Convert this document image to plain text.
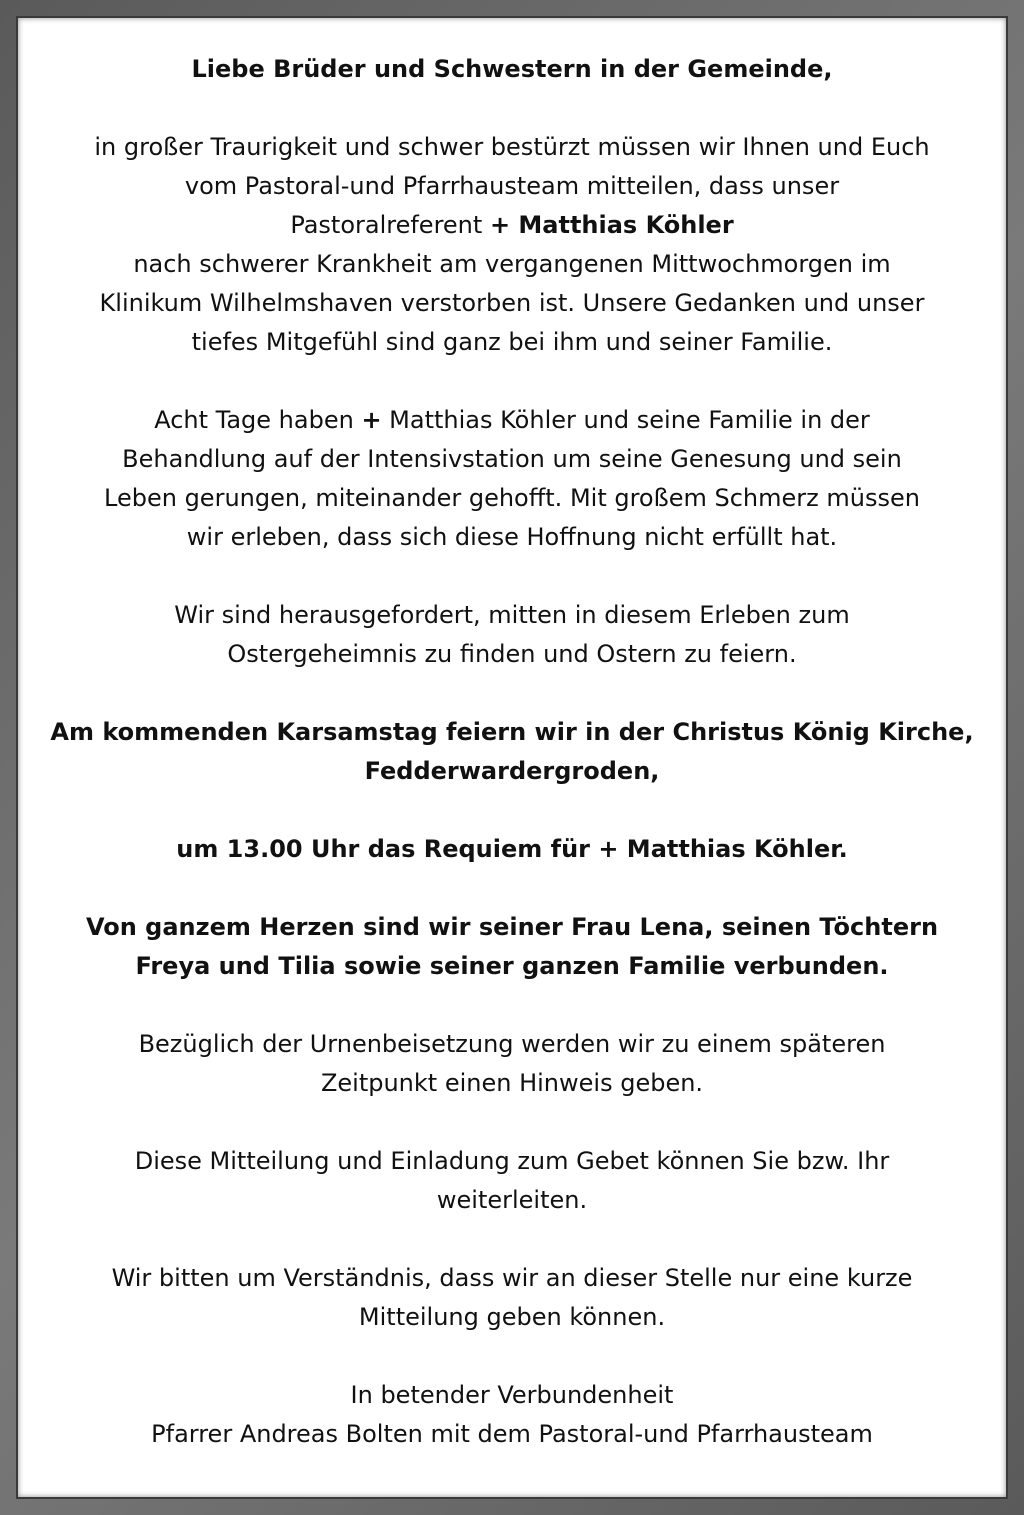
Liebe Brüder und Schwestern in der Gemeinde,
in großer Traurigkeit und schwer bestürzt müssen wir Ihnen und Euch
vom Pastoral-und Pfarrhausteam mitteilen, dass unser
Pastoralreferent + Matthias Köhler
nach schwerer Krankheit am vergangenen Mittwochmorgen im
Klinikum Wilhelmshaven verstorben ist. Unsere Gedanken und unser
tiefes Mitgefühl sind ganz bei ihm und seiner Familie.
Acht Tage haben + Matthias Köhler und seine Familie in der
Behandlung auf der Intensivstation um seine Genesung und sein
Leben gerungen, miteinander gehofft. Mit großem Schmerz müssen
wir erleben, dass sich diese Hoffnung nicht erfüllt hat.
Wir sind herausgefordert, mitten in diesem Erleben zum
Ostergeheimnis zu finden und Ostern zu feiern.
Am kommenden Karsamstag feiern wir in der Christus König Kirche,
Fedderwardergroden,
um 13.00 Uhr das Requiem für + Matthias Köhler.
Von ganzem Herzen sind wir seiner Frau Lena, seinen Töchtern
Freya und Tilia sowie seiner ganzen Familie verbunden.
Bezüglich der Urnenbeisetzung werden wir zu einem späteren
Zeitpunkt einen Hinweis geben.
Diese Mitteilung und Einladung zum Gebet können Sie bzw. Ihr
weiterleiten.
Wir bitten um Verständnis, dass wir an dieser Stelle nur eine kurze
Mitteilung geben können.
In betender Verbundenheit
Pfarrer Andreas Bolten mit dem Pastoral-und Pfarrhausteam
